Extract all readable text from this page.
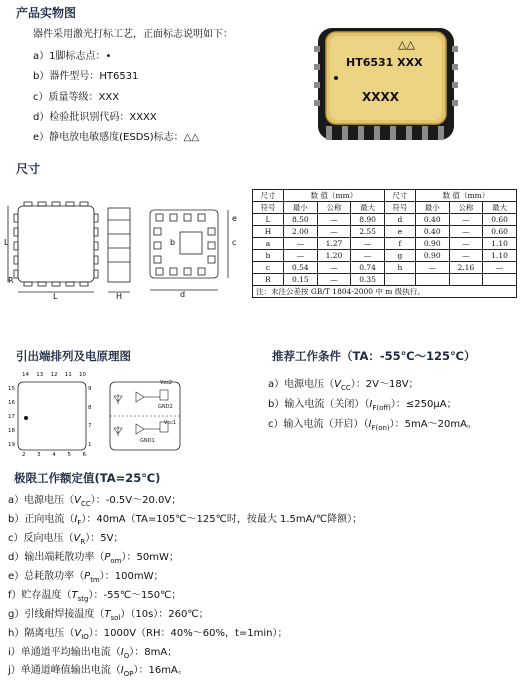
产品实物图
器件采用激光打标工艺，正面标志说明如下：
a）1脚标志点：•
b）器件型号：HT6531
c）质量等级：XXX
d）检验批识别代码：XXXX
e）静电放电敏感度(ESDS)标志：△△
△△
HT6531 XXX
XXXX
尺寸
L
R
L	H
b
e
c
d
尺寸	数 值（mm）			尺寸	数 值（mm）		
符号	最小	公称	最大	符号	最小	公称	最大
L	8.50	—	8.90	d	0.40	—	0.60
H	2.00	—	2.55	e	0.40	—	0.60
a	—	1.27	—	f	0.90	—	1.10
b	—	1.20	—	g	0.90	—	1.10
c	0.54	—	0.74	h	—	2.16	—
R	0.15	—	0.35				
注：未注公差按 GB/T 1804-2000 中 m 级执行。							
引出端排列及电原理图
14 13 12 11 10
2 3 4 5 6
15
16
17
18
19
9
8
7
1
Vcc2
GND2
Vcc1
GND1
推荐工作条件（TA：-55℃～125℃）
a）电源电压$(V_{CC})$：2V～18V；
b）输入电流（关闭）$(I_{F(off)})$：≤250μA；
c）输入电流（开启）$(I_{F(on)})$：5mA～20mA。
极限工作额定值(TA=25℃)
a）电源电压$(V_{CC})$：-0.5V～20.0V；
b）正向电流$(I_F)$：40mA（TA=105℃～125℃时，按最大 1.5mA/℃降额）；
c）反向电压$(V_R)$：5V；
d）输出端耗散功率$(P_{om})$：50mW；
e）总耗散功率$(P_{tm})$：100mW；
f）贮存温度$(T_{stg})$：-55℃～150℃；
g）引线耐焊接温度$(T_{sol})(10s)$：260℃；
h）隔离电压$(V_{IO})$：1000V（RH：40%～60%，t=1min）；
i）单通道平均输出电流$(I_O)$：8mA；
j）单通道峰值输出电流$(I_{OP})$：16mA。
